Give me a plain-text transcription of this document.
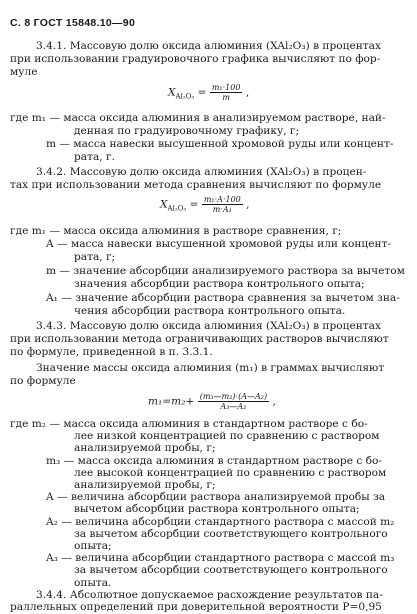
С. 8 ГОСТ 15848.10—90
3.4.1. Массовую долю оксида алюминия (XAl₂O₃) в процентах
при использовании градуировочного графика вычисляют по фор-
муле
$X_{Al_2O_3} = \frac{\text{m₁·100}}{m}$ ,
где m₁ — масса оксида алюминия в анализируемом растворе, най-
денная по градуировочному графику, г;
m — масса навески высушенной хромовой руды или концент-
рата, г.
3.4.2. Массовую долю оксида алюминия (XAl₂O₃) в процен-
тах при использовании метода сравнения вычисляют по формуле
$X_{Al_2O_3} = \frac{\text{m₁·A·100}}{\text{m·A₁}}$ ,
где m₁ — масса оксида алюминия в растворе сравнения, г;
A — масса навески высушенной хромовой руды или концент-
рата, г;
m — значение абсорбции анализируемого раствора за вычетом
значения абсорбции раствора контрольного опыта;
A₁ — значение абсорбции раствора сравнения за вычетом зна-
чения абсорбции раствора контрольного опыта.
3.4.3. Массовую долю оксида алюминия (XAl₂O₃) в процентах
при использовании метода ограничивающих растворов вычисляют
по формуле, приведенной в п. 3.3.1.
Значение массы оксида алюминия (m₁) в граммах вычисляют
по формуле
$m_1=m_2+ \frac{\text{(m₃—m₂)·(A—A₂)}}{\text{A₃—A₂}}$ ,
где m₂ — масса оксида алюминия в стандартном растворе с бо-
лее низкой концентрацией по сравнению с раствором
анализируемой пробы, г;
m₃ — масса оксида алюминия в стандартном растворе с бо-
лее высокой концентрацией по сравнению с раствором
анализируемой пробы, г;
A — величина абсорбции раствора анализируемой пробы за
вычетом абсорбции раствора контрольного опыта;
A₂ — величина абсорбции стандартного раствора с массой m₂
за вычетом абсорбции соответствующего контрольного
опыта;
A₃ — величина абсорбции стандартного раствора с массой m₃
за вычетом абсорбции соответствующего контрольного
опыта.
3.4.4. Абсолютное допускаемое расхождение результатов па-
раллельных определений при доверительной вероятности P=0,95
